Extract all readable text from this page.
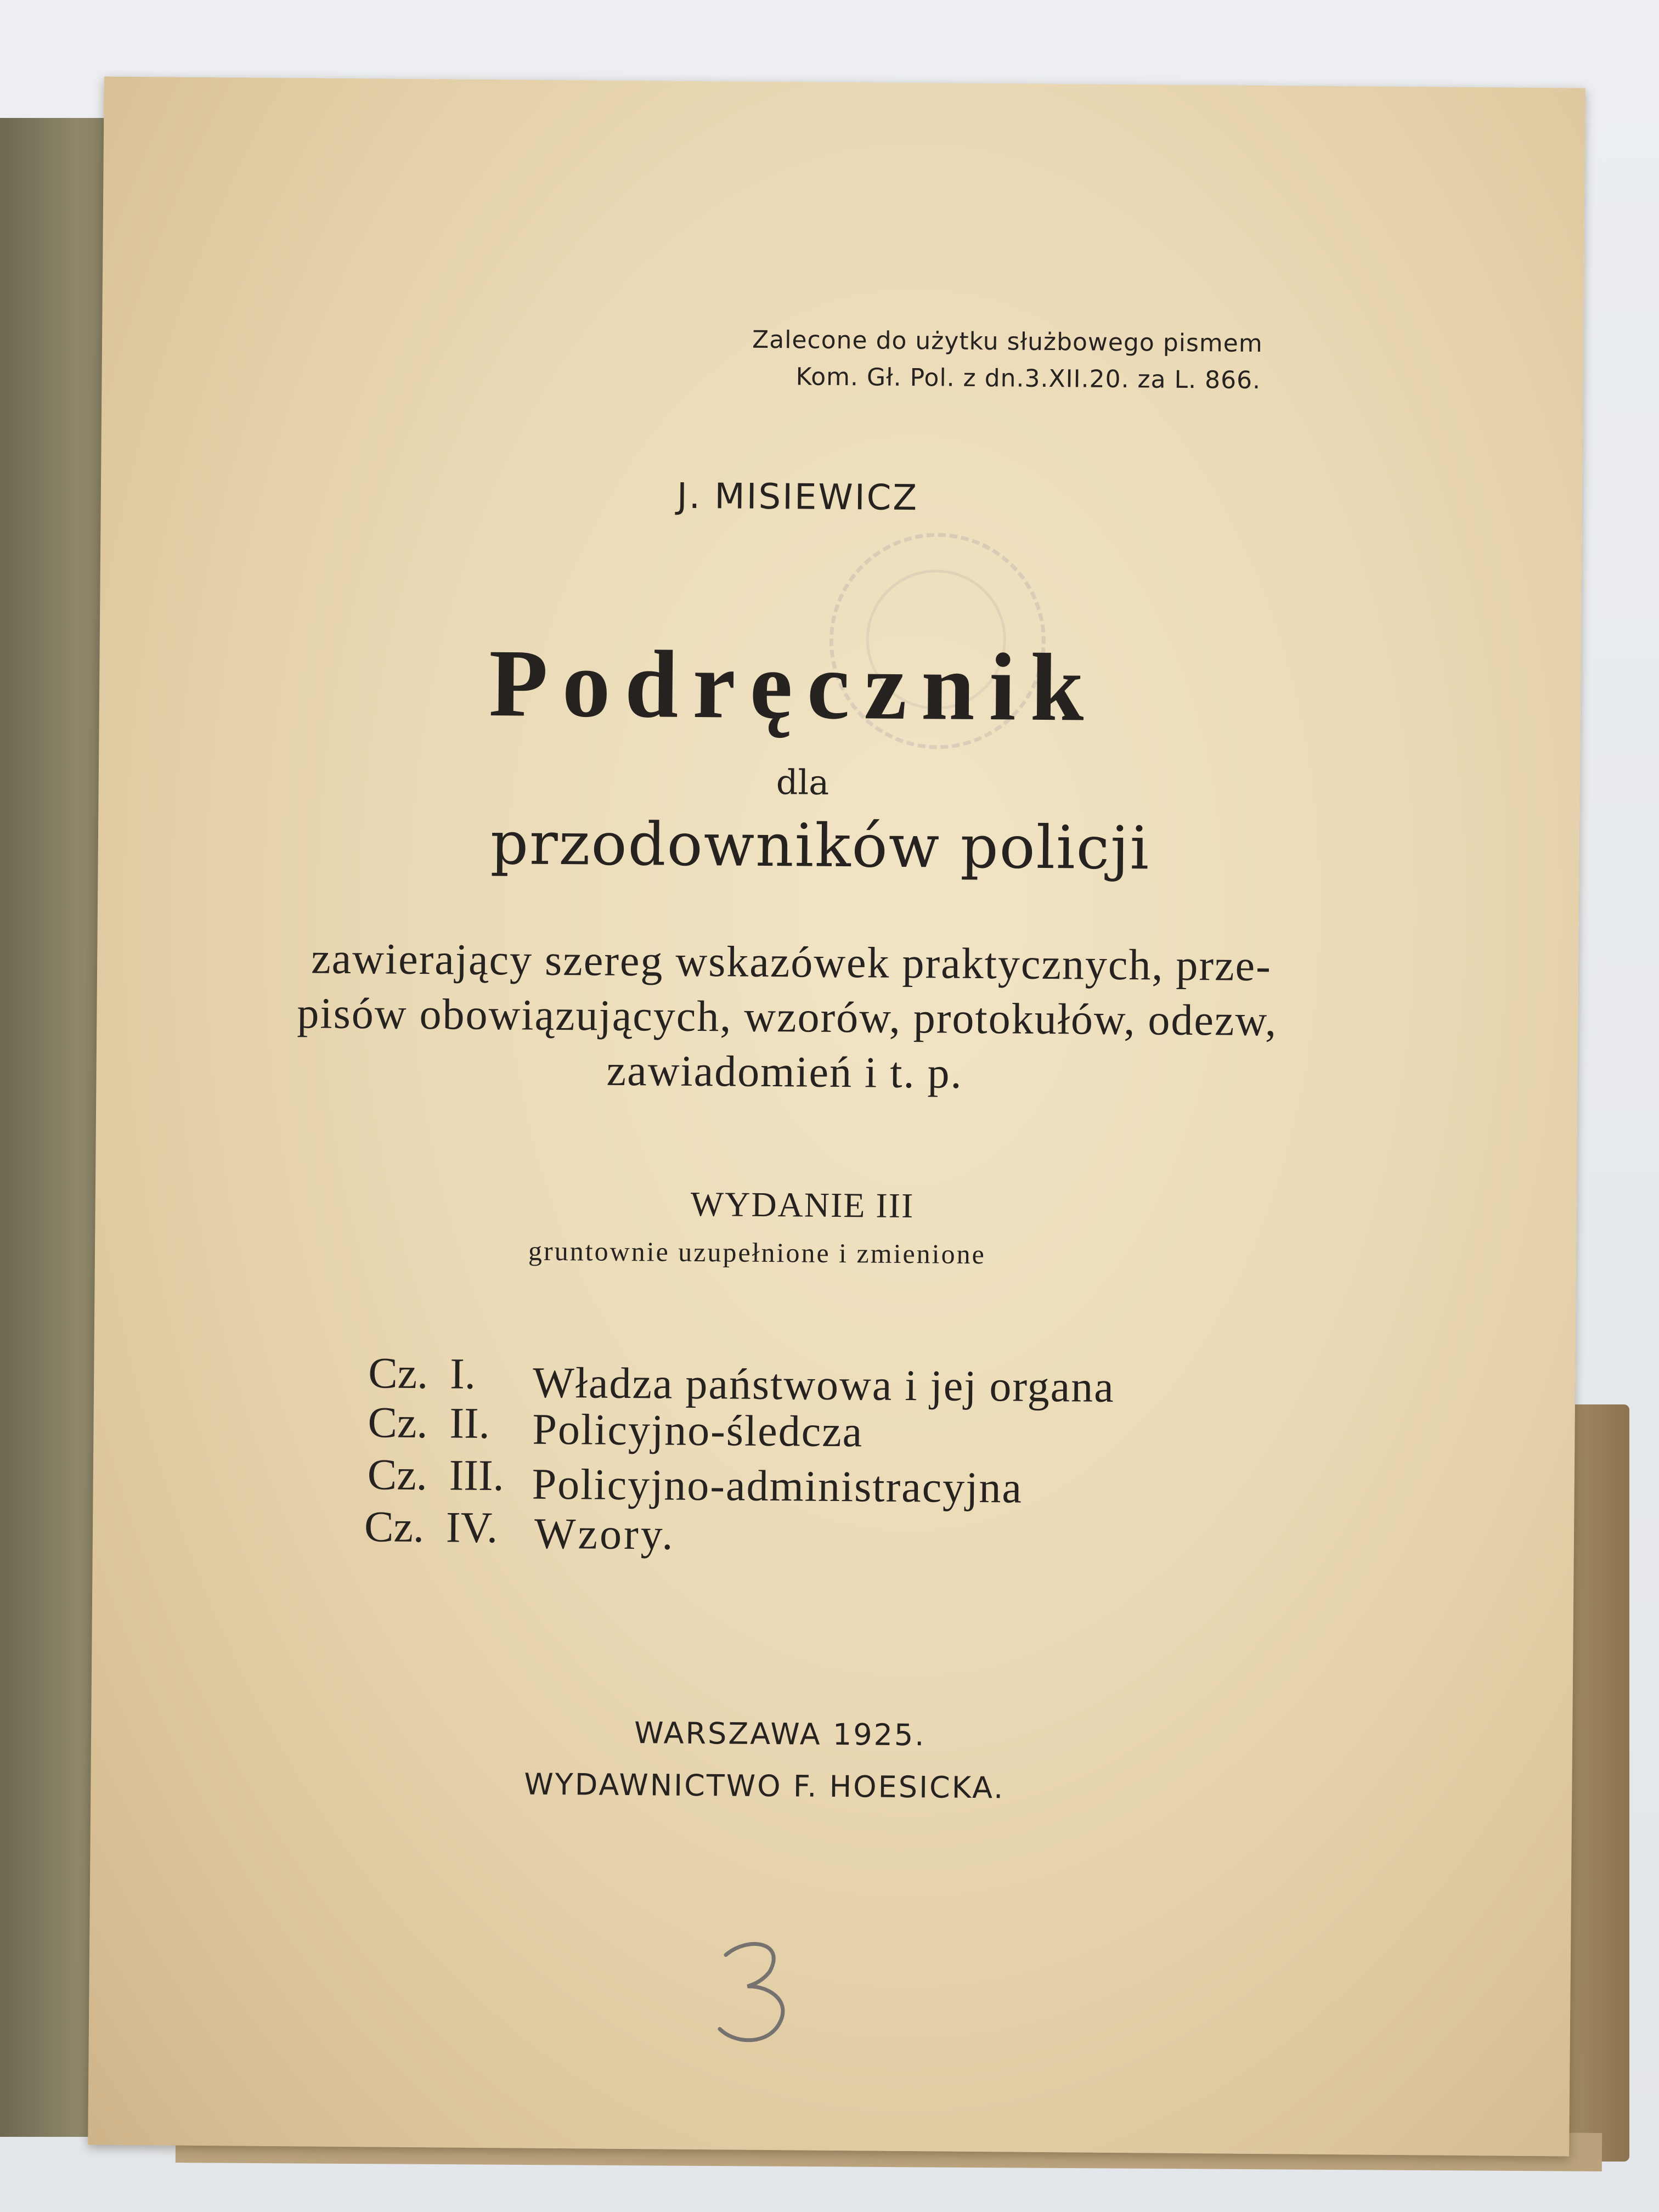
Zalecone do użytku służbowego pismem
Kom. Gł. Pol. z dn.3.XII.20. za L. 866.
J. MISIEWICZ
Podręcznik
dla
przodowników policji
zawierający szereg wskazówek praktycznych, prze-
pisów obowiązujących, wzorów, protokułów, odezw,
zawiadomień i t. p.
WYDANIE III
gruntownie uzupełnione i zmienione
Cz.  I. Władza państwowa i jej organa
Cz.  II. Policyjno-śledcza
Cz.  III. Policyjno-administracyjna
Cz.  IV. Wzory.
WARSZAWA 1925.
WYDAWNICTWO F. HOESICKA.
